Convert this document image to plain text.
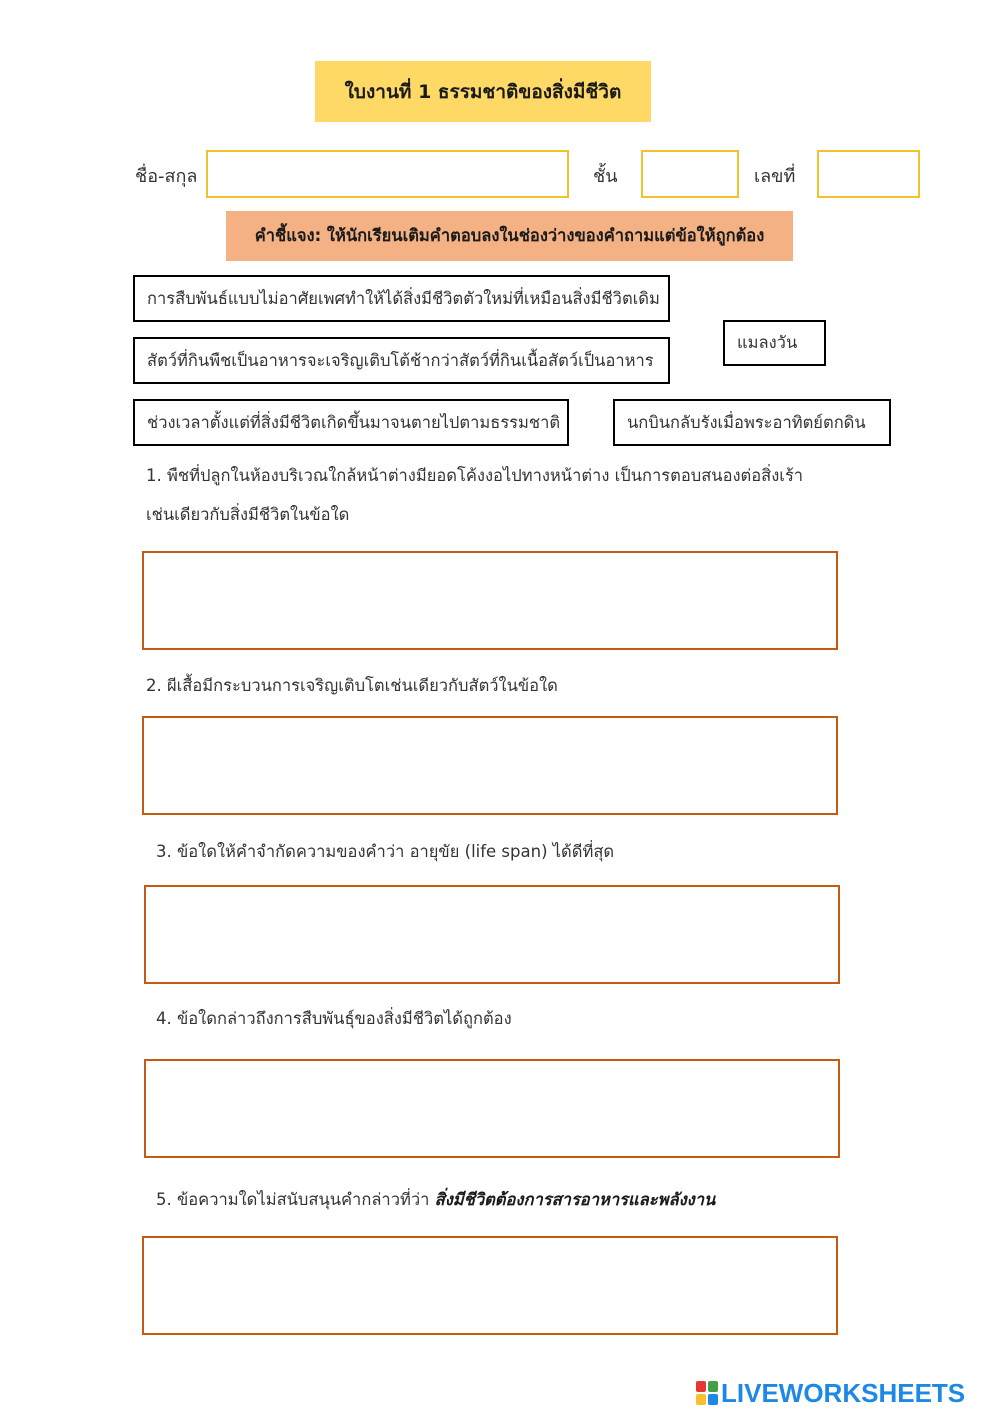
ใบงานที่ 1 ธรรมชาติของสิ่งมีชีวิต
ชื่อ-สกุล	ชั้น	เลขที่
คำชี้แจง: ให้นักเรียนเติมคำตอบลงในช่องว่างของคำถามแต่ข้อให้ถูกต้อง
การสืบพันธ์แบบไม่อาศัยเพศทำให้ได้สิ่งมีชีวิตตัวใหม่ที่เหมือนสิ่งมีชีวิตเดิม
สัตว์ที่กินพืชเป็นอาหารจะเจริญเติบโต้ช้ากว่าสัตว์ที่กินเนื้อสัตว์เป็นอาหาร
แมลงวัน
ช่วงเวลาตั้งแต่ที่สิ่งมีชีวิตเกิดขึ้นมาจนตายไปตามธรรมชาติ	นกบินกลับรังเมื่อพระอาทิตย์ตกดิน
1. พืชที่ปลูกในห้องบริเวณใกล้หน้าต่างมียอดโค้งงอไปทางหน้าต่าง เป็นการตอบสนองต่อสิ่งเร้า
เช่นเดียวกับสิ่งมีชีวิตในข้อใด
2. ผีเสื้อมีกระบวนการเจริญเติบโตเช่นเดียวกับสัตว์ในข้อใด
3. ข้อใดให้คำจำกัดความของคำว่า อายุขัย (life span) ได้ดีที่สุด
4. ข้อใดกล่าวถึงการสืบพันธุ์ของสิ่งมีชีวิตได้ถูกต้อง
5. ข้อความใดไม่สนับสนุนคำกล่าวที่ว่า สิ่งมีชีวิตต้องการสารอาหารและพลังงาน
LIVEWORKSHEETS
